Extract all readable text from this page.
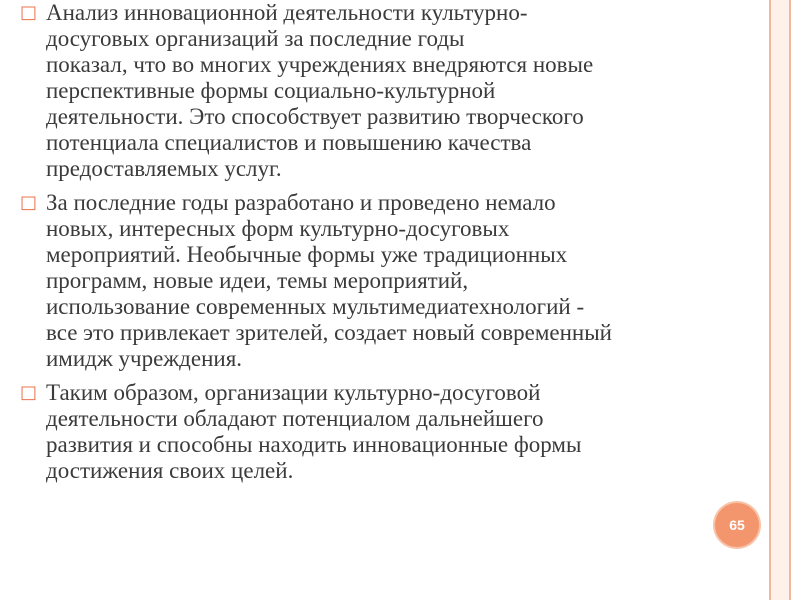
□ Анализ инновационной деятельности культурно-
досуговых организаций за последние годы
показал, что во многих учреждениях внедряются новые
перспективные формы социально-культурной
деятельности. Это способствует развитию творческого
потенциала специалистов и повышению качества
предоставляемых услуг.
□ За последние годы разработано и проведено немало
новых, интересных форм культурно-досуговых
мероприятий. Необычные формы уже традиционных
программ, новые идеи, темы мероприятий,
использование современных мультимедиатехнологий -
все это привлекает зрителей, создает новый современный
имидж учреждения.
□ Таким образом, организации культурно-досуговой
деятельности обладают потенциалом дальнейшего
развития и способны находить инновационные формы
достижения своих целей.
65
